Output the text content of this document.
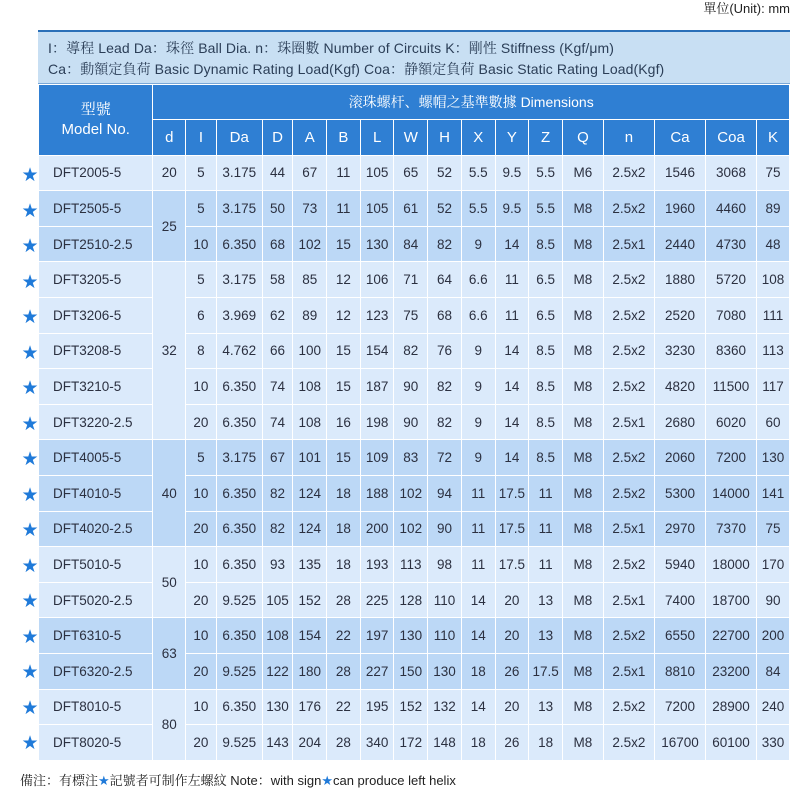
單位(Unit): mm
I：導程 Lead Da：珠徑 Ball Dia. n：珠圈數 Number of Circuits K：剛性 Stiffness (Kgf/μm)
Ca：動額定負荷 Basic Dynamic Rating Load(Kgf) Coa：静額定負荷 Basic Static Rating Load(Kgf)
型號
Model No.	滚珠螺杆、螺帽之基準數據 Dimensions																
	d	I	Da	D	A	B	L	W	H	X	Y	Z	Q	n	Ca	Coa	K
DFT2005-5	20	5	3.175	44	67	11	105	65	52	5.5	9.5	5.5	M6	2.5x2	1546	3068	75
DFT2505-5	25	5	3.175	50	73	11	105	61	52	5.5	9.5	5.5	M8	2.5x2	1960	4460	89
DFT2510-2.5		10	6.350	68	102	15	130	84	82	9	14	8.5	M8	2.5x1	2440	4730	48
DFT3205-5	32	5	3.175	58	85	12	106	71	64	6.6	11	6.5	M8	2.5x2	1880	5720	108
DFT3206-5		6	3.969	62	89	12	123	75	68	6.6	11	6.5	M8	2.5x2	2520	7080	111
DFT3208-5		8	4.762	66	100	15	154	82	76	9	14	8.5	M8	2.5x2	3230	8360	113
DFT3210-5		10	6.350	74	108	15	187	90	82	9	14	8.5	M8	2.5x2	4820	11500	117
DFT3220-2.5		20	6.350	74	108	16	198	90	82	9	14	8.5	M8	2.5x1	2680	6020	60
DFT4005-5	40	5	3.175	67	101	15	109	83	72	9	14	8.5	M8	2.5x2	2060	7200	130
DFT4010-5		10	6.350	82	124	18	188	102	94	11	17.5	11	M8	2.5x2	5300	14000	141
DFT4020-2.5		20	6.350	82	124	18	200	102	90	11	17.5	11	M8	2.5x1	2970	7370	75
DFT5010-5	50	10	6.350	93	135	18	193	113	98	11	17.5	11	M8	2.5x2	5940	18000	170
DFT5020-2.5		20	9.525	105	152	28	225	128	110	14	20	13	M8	2.5x1	7400	18700	90
DFT6310-5	63	10	6.350	108	154	22	197	130	110	14	20	13	M8	2.5x2	6550	22700	200
DFT6320-2.5		20	9.525	122	180	28	227	150	130	18	26	17.5	M8	2.5x1	8810	23200	84
DFT8010-5	80	10	6.350	130	176	22	195	152	132	14	20	13	M8	2.5x2	7200	28900	240
DFT8020-5		20	9.525	143	204	28	340	172	148	18	26	18	M8	2.5x2	16700	60100	330
★
★
★
★
★
★
★
★
★
★
★
★
★
★
★
★
★
備注：有標注★記號者可制作左螺紋 Note：with sign★can produce left helix
